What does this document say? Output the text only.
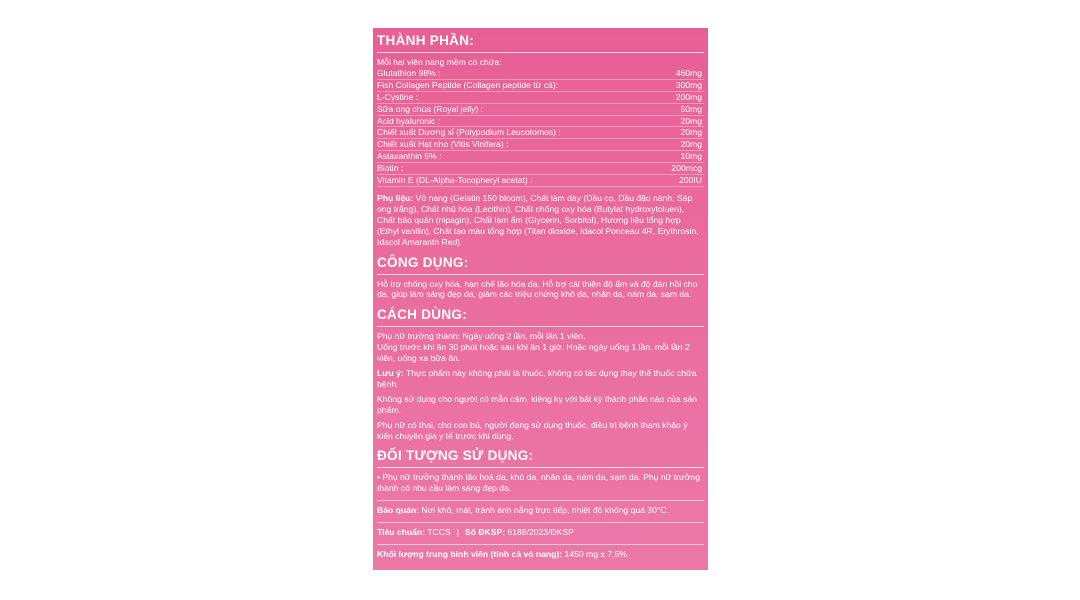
THÀNH PHẦN:

Mỗi hai viên nang mềm có chứa:

Glutathion 98% :	460mg
Fish Collagen Peptide (Collagen peptide từ cá):	300mg
L-Cystine :	200mg
Sữa ong chúa (Royal jelly) :	50mg
Acid hyaluronic :	20mg
Chiết xuất Dương xỉ (Polypodium Leucotomos) :	20mg
Chiết xuất Hạt nho (Vitis Vinifera) :	20mg
Astaxanthin 5% :	10mg
Biotin :	200mcg
Vitamin E (DL-Alpha-Tocopheryl acetat) :	200IU

Phụ liệu: Vỏ nang (Gelatin 150 bloom), Chất làm dày (Dầu cọ, Dầu đậu nành, Sáp ong trắng), Chất nhũ hóa (Lecithin), Chất chống oxy hóa (Butylat hydroxytoluen), Chất bảo quản (nipagin), Chất làm ẩm (Glycerin, Sorbitol), Hương liệu tổng hợp (Ethyl vanilin), Chất tạo màu tổng hợp (Titan dioxide, Idacol Ponceau 4R, Erythrosin, Idacol Amaranth Red).

CÔNG DỤNG:

Hỗ trợ chống oxy hóa, hạn chế lão hóa da. Hỗ trợ cải thiện độ ẩm và độ đàn hồi cho da, giúp làm sáng đẹp da, giảm các triệu chứng khô da, nhăn da, nám da, sạm da.

CÁCH DÙNG:

Phụ nữ trưởng thành: Ngày uống 2 lần, mỗi lần 1 viên.

Uống trước khi ăn 30 phút hoặc sau khi ăn 1 giờ. Hoặc ngày uống 1 lần, mỗi lần 2 viên, uống xa bữa ăn.

Lưu ý: Thực phẩm này không phải là thuốc, không có tác dụng thay thế thuốc chữa bệnh.

Không sử dụng cho người có mẫn cảm, kiêng kỵ với bất kỳ thành phần nào của sản phẩm.

Phụ nữ có thai, cho con bú, người đang sử dụng thuốc, điều trị bệnh tham khảo ý kiến chuyên gia y tế trước khi dùng.

ĐỐI TƯỢNG SỬ DỤNG:

• Phụ nữ trưởng thành lão hoá da, khô da, nhăn da, nám da, sạm da. Phụ nữ trưởng thành có nhu cầu làm sáng đẹp da.

Bảo quản: Nơi khô, mát, tránh ánh nắng trực tiếp, nhiệt độ không quá 30°C.

Tiêu chuẩn: TCCS | Số ĐKSP: 6188/2023/ĐKSP

Khối lượng trung bình viên (tính cả vỏ nang): 1450 mg ± 7,5%
